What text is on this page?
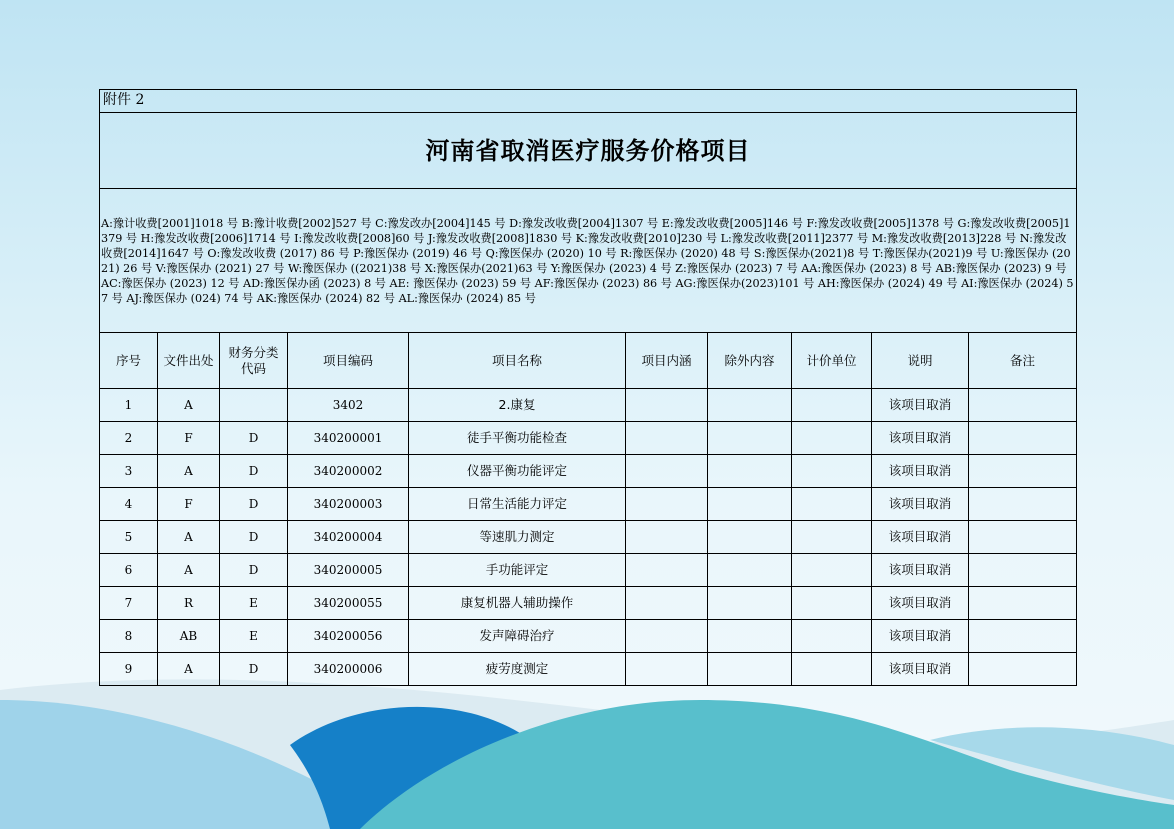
附件 2									
河南省取消医疗服务价格项目									
A:豫计收费[2001]1018 号 B:豫计收费[2002]527 号 C:豫发改办[2004]145 号 D:豫发改收费[2004]1307 号 E:豫发改收费[2005]146 号 F:豫发改收费[2005]1378 号 G:豫发改收费[2005]1379 号 H:豫发改收费[2006]1714 号 I:豫发改收费[2008]60 号 J:豫发改收费[2008]1830 号 K:豫发改收费[2010]230 号 L:豫发改收费[2011]2377 号 M:豫发改收费[2013]228 号 N:豫发改收费[2014]1647 号 O:豫发改收费 (2017) 86 号 P:豫医保办 (2019) 46 号 Q:豫医保办 (2020) 10 号 R:豫医保办 (2020) 48 号 S:豫医保办(2021)8 号 T:豫医保办(2021)9 号 U:豫医保办 (2021) 26 号 V:豫医保办 (2021) 27 号 W:豫医保办 ((2021)38 号 X:豫医保办(2021)63 号 Y:豫医保办 (2023) 4 号 Z:豫医保办 (2023) 7 号 AA:豫医保办 (2023) 8 号 AB:豫医保办 (2023) 9 号 AC:豫医保办 (2023) 12 号 AD:豫医保办函 (2023) 8 号 AE: 豫医保办 (2023) 59 号 AF:豫医保办 (2023) 86 号 AG:豫医保办(2023)101 号 AH:豫医保办 (2024) 49 号 AI:豫医保办 (2024) 57 号 AJ:豫医保办 (024) 74 号 AK:豫医保办 (2024) 82 号 AL:豫医保办 (2024) 85 号									
序号	文件出处	财务分类代码	项目编码	项目名称	项目内涵	除外内容	计价单位	说明	备注
1	A		3402	2.康复				该项目取消	
2	F	D	340200001	徒手平衡功能检查				该项目取消	
3	A	D	340200002	仪器平衡功能评定				该项目取消	
4	F	D	340200003	日常生活能力评定				该项目取消	
5	A	D	340200004	等速肌力测定				该项目取消	
6	A	D	340200005	手功能评定				该项目取消	
7	R	E	340200055	康复机器人辅助操作				该项目取消	
8	AB	E	340200056	发声障碍治疗				该项目取消	
9	A	D	340200006	疲劳度测定				该项目取消	
